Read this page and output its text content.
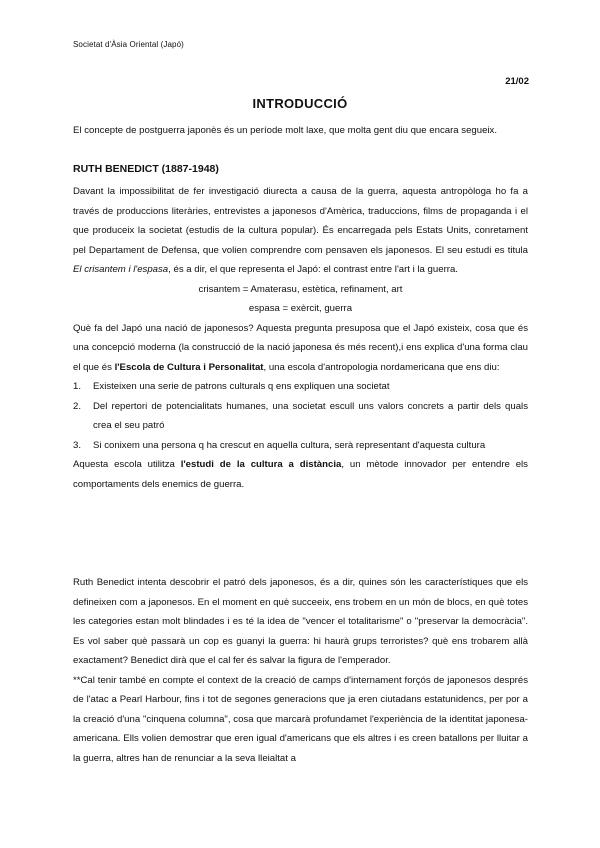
Societat d'Àsia Oriental (Japó)
21/02
INTRODUCCIÓ
El concepte de postguerra japonès és un període molt laxe, que molta gent diu que encara segueix.
RUTH BENEDICT (1887-1948)
Davant la impossibilitat de fer investigació diurecta a causa de la guerra, aquesta antropòloga ho fa a través de produccions literàries, entrevistes a japonesos d'Amèrica, traduccions, films de propaganda i el que produceix la societat (estudis de la cultura popular). És encarregada pels Estats Units, conretament pel Departament de Defensa, que volien comprendre com pensaven els japonesos. El seu estudi es titula El crisantem i l'espasa, és a dir, el que representa el Japó: el contrast entre l'art i la guerra.
crisantem = Amaterasu, estètica, refinament, art
espasa = exèrcit, guerra
Què fa del Japó una nació de japonesos? Aquesta pregunta presuposa que el Japó existeix, cosa que és una concepció moderna (la construcció de la nació japonesa és més recent),i ens explica d'una forma clau el que és l'Escola de Cultura i Personalitat, una escola d'antropologia nordamericana que ens diu:
1.	Existeixen una serie de patrons culturals q ens expliquen una societat
2.	Del repertori de potencialitats humanes, una societat escull uns valors concrets a partir dels quals crea el seu patró
3.	Si conixem una persona q ha crescut en aquella cultura, serà representant d'aquesta cultura
Aquesta escola utilitza l'estudi de la cultura a distància, un mètode innovador per entendre els comportaments dels enemics de guerra.
Ruth Benedict intenta descobrir el patró dels japonesos, és a dir, quines són les característiques que els defineixen com a japonesos. En el moment en què succeeix, ens trobem en un món de blocs, en què totes les categories estan molt blindades i es té la idea de "vencer el totalitarisme" o "preservar la democràcia". Es vol saber què passarà un cop es guanyi la guerra: hi haurà grups terroristes? què ens trobarem allà exactament? Benedict dirà que el cal fer és salvar la figura de l'emperador.
**Cal tenir també en compte el context de la creació de camps d'internament forçós de japonesos després de l'atac a Pearl Harbour, fins i tot de segones generacions que ja eren ciutadans estatunidencs, per por a la creació d'una "cinquena columna", cosa que marcarà profundamet l'experiència de la identitat japonesa-americana. Ells volien demostrar que eren igual d'americans que els altres i es creen batallons per lluitar a la guerra, altres han de renunciar a la seva lleialtat a
